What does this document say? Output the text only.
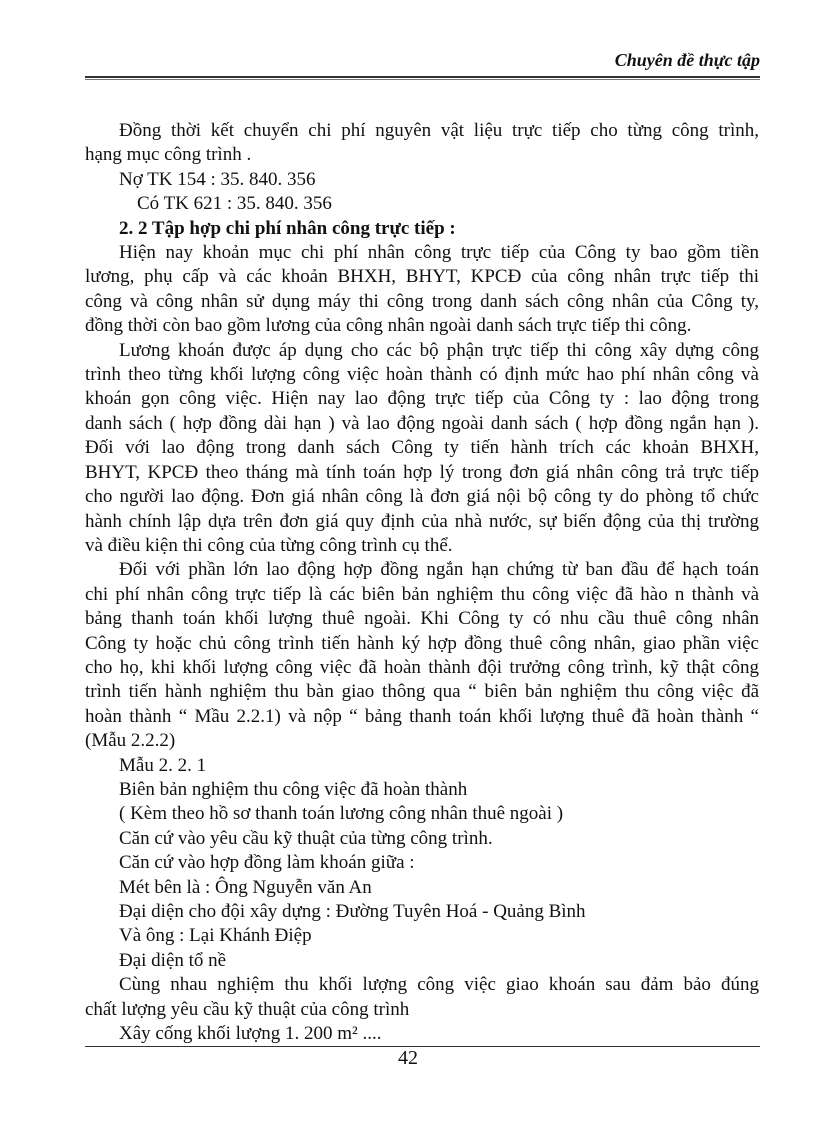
Chuyên đề thực tập
Đồng thời kết chuyển chi phí nguyên vật liệu trực tiếp cho từng công trình,
hạng mục công trình .
Nợ TK 154 : 35. 840. 356
Có TK 621 : 35. 840. 356
2. 2 Tập hợp chi phí nhân công trực tiếp :
Hiện nay khoản mục chi phí nhân công trực tiếp của Công ty bao gồm tiền
lương, phụ cấp và các khoản BHXH, BHYT, KPCĐ của công nhân trực tiếp thi
công và công nhân sử dụng máy thi công trong danh sách công nhân của Công ty,
đồng thời còn bao gồm lương của công nhân ngoài danh sách trực tiếp thi công.
Lương khoán được áp dụng cho các bộ phận trực tiếp thi công xây dựng công
trình theo từng khối lượng công việc hoàn thành có định mức hao phí nhân công và
khoán gọn công việc. Hiện nay lao động trực tiếp của Công ty : lao động trong
danh sách ( hợp đồng dài hạn ) và lao động ngoài danh sách ( hợp đồng ngắn hạn ).
Đối với lao động trong danh sách Công ty tiến hành trích các khoản BHXH,
BHYT, KPCĐ theo tháng mà tính toán hợp lý trong đơn giá nhân công trả trực tiếp
cho người lao động. Đơn giá nhân công là đơn giá nội bộ công ty do phòng tổ chức
hành chính lập dựa trên đơn giá quy định của nhà nước, sự biến động của thị trường
và điều kiện thi công của từng công trình cụ thể.
Đối với phần lớn lao động hợp đồng ngắn hạn chứng từ ban đầu để hạch toán
chi phí nhân công trực tiếp là các biên bản nghiệm thu công việc đã hào n thành và
bảng thanh toán khối lượng thuê ngoài. Khi Công ty có nhu cầu thuê công nhân
Công ty hoặc chủ công trình tiến hành ký hợp đồng thuê công nhân, giao phần việc
cho họ, khi khối lượng công việc đã hoàn thành đội trưởng công trình, kỹ thật công
trình tiến hành nghiệm thu bàn giao thông qua “ biên bản nghiệm thu công việc đã
hoàn thành “ Mầu 2.2.1) và nộp “ bảng thanh toán khối lượng thuê đã hoàn thành “
(Mẫu 2.2.2)
Mẫu 2. 2. 1
Biên bản nghiệm thu công việc đã hoàn thành
( Kèm theo hồ sơ thanh toán lương công nhân thuê ngoài )
Căn cứ vào yêu cầu kỹ thuật của từng công trình.
Căn cứ vào hợp đồng làm khoán giữa :
Mét bên là : Ông Nguyễn văn An
Đại diện cho đội xây dựng : Đường Tuyên Hoá - Quảng Bình
Và ông : Lại Khánh Điệp
Đại diện tổ nề
Cùng nhau nghiệm thu khối lượng công việc giao khoán sau đảm bảo đúng
chất lượng yêu cầu kỹ thuật của công trình
Xây cống khối lượng 1. 200 m² ....
42
